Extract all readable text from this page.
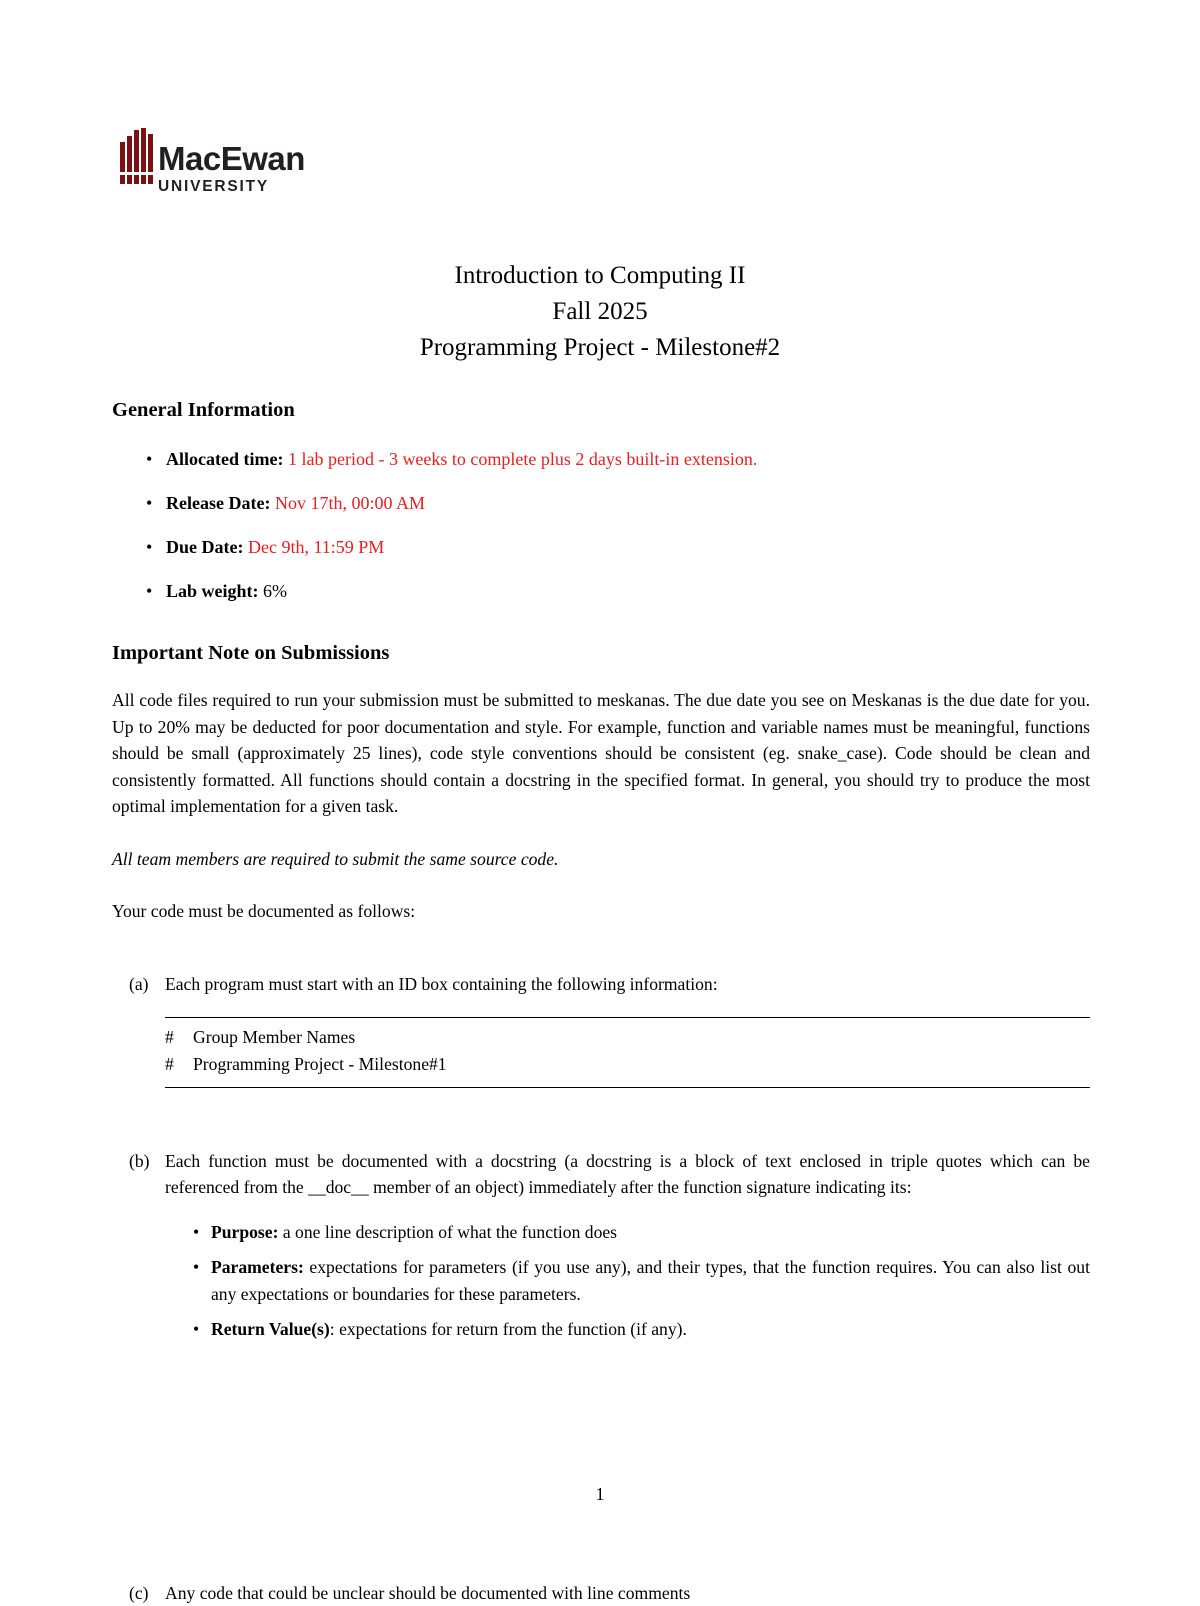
MacEwan
UNIVERSITY
Introduction to Computing II
Fall 2025
Programming Project - Milestone#2
General Information
• Allocated time: 1 lab period - 3 weeks to complete plus 2 days built-in extension.
• Release Date: Nov 17th, 00:00 AM
• Due Date: Dec 9th, 11:59 PM
• Lab weight: 6%
Important Note on Submissions

All code files required to run your submission must be submitted to meskanas. The due date you see on Meskanas is the due date for you. Up to 20% may be deducted for poor documentation and style. For example, function and variable names must be meaningful, functions should be small (approximately 25 lines), code style conventions should be consistent (eg. snake_case). Code should be clean and consistently formatted. All functions should contain a docstring in the specified format. In general, you should try to produce the most optimal implementation for a given task.

All team members are required to submit the same source code.

Your code must be documented as follows:

(a) Each program must start with an ID box containing the following information:
#	Group Member Names
#	Programming Project - Milestone#1
(b) Each function must be documented with a docstring (a docstring is a block of text enclosed in triple quotes which can be referenced from the __doc__ member of an object) immediately after the function signature indicating its:
• Purpose: a one line description of what the function does
• Parameters: expectations for parameters (if you use any), and their types, that the function requires. You can also list out any expectations or boundaries for these parameters.
• Return Value(s): expectations for return from the function (if any).
(c) Any code that could be unclear should be documented with line comments
1
